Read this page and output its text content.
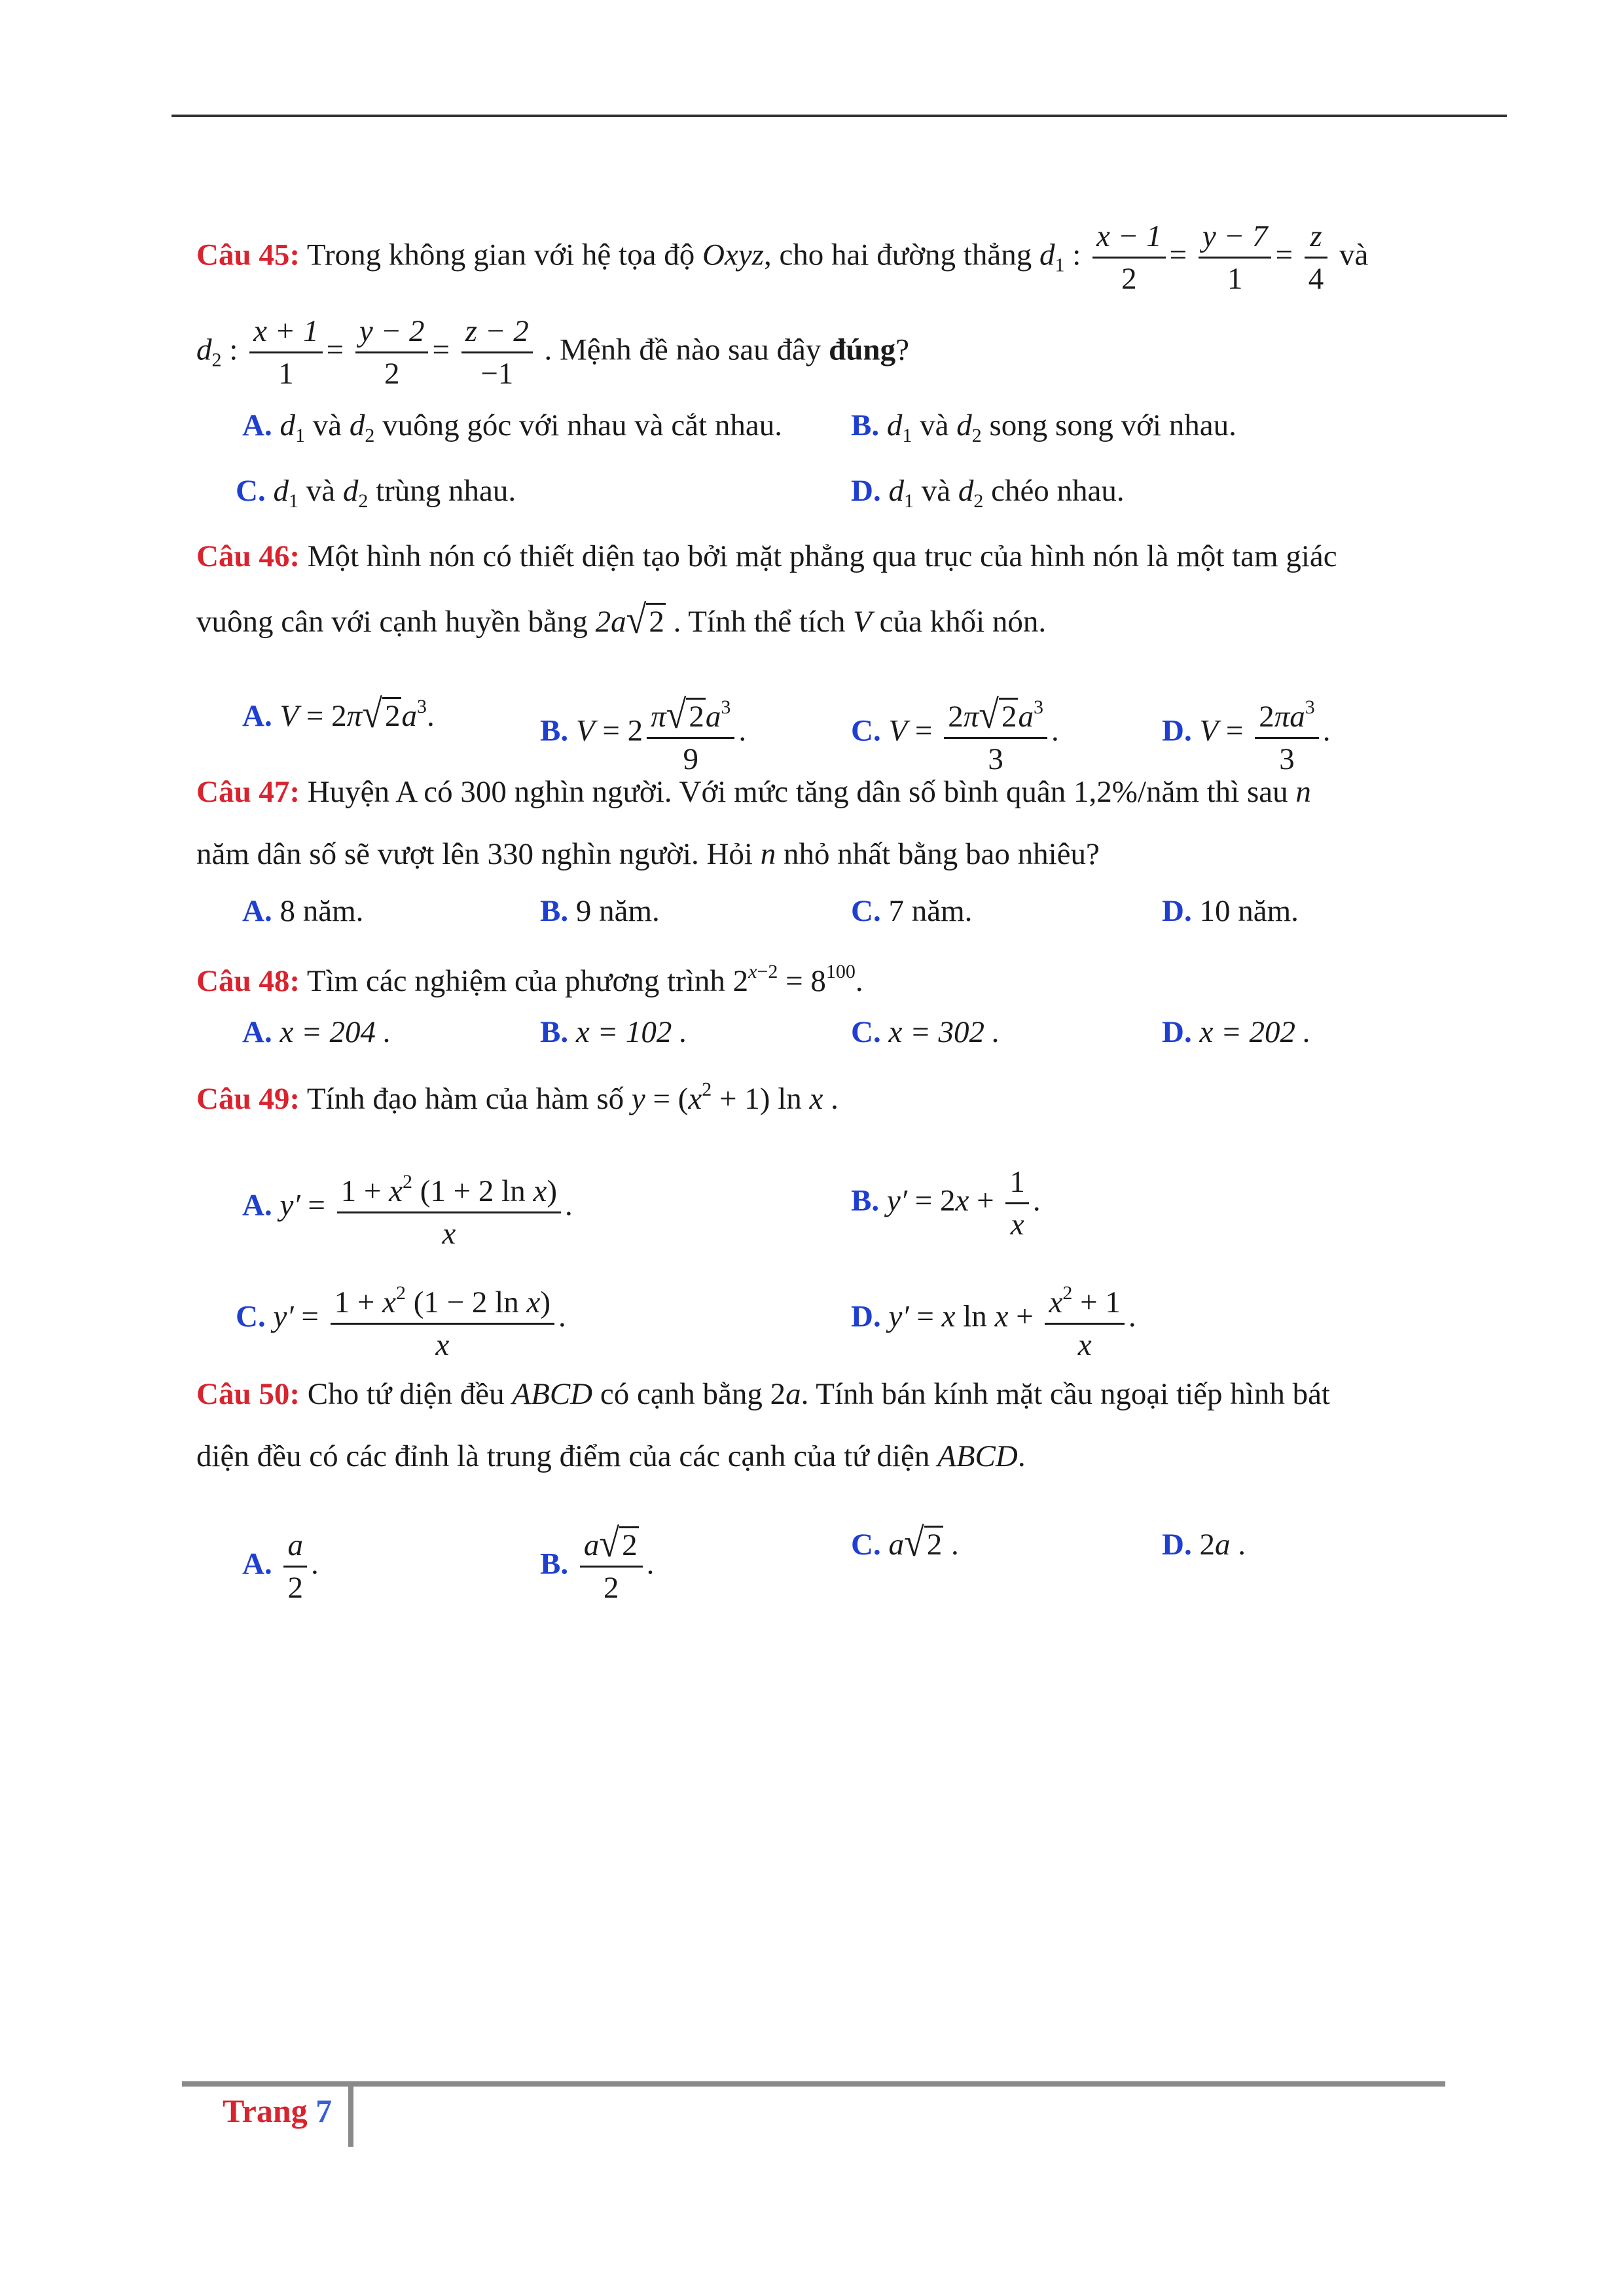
Câu 45: Trong không gian với hệ tọa độ Oxyz, cho hai đường thẳng $d_1$ : $\frac{x - 1}{2} = \frac{y - 7}{1} = \frac{z}{4}$ và
$d_2$ : $\frac{x + 1}{1} = \frac{y - 2}{2} = \frac{z - 2}{-1}$ . Mệnh đề nào sau đây đúng?
A. $d_1$ và $d_2$ vuông góc với nhau và cắt nhau. B. $d_1$ và $d_2$ song song với nhau.
C. $d_1$ và $d_2$ trùng nhau.	D. $d_1$ và $d_2$ chéo nhau.
Câu 46: Một hình nón có thiết diện tạo bởi mặt phẳng qua trục của hình nón là một tam giác
vuông cân với cạnh huyền bằng 2a√2 . Tính thể tích V của khối nón.
A. $V = 2\pi√2a^3$.	B. $V = 2 \frac{\pi√2a^3}{9}$ .	C. $V = \frac{2\pi√2a^3}{3}$ .	D. $V = \frac{2\pi a^3}{3}$ .
Câu 47: Huyện A có 300 nghìn người. Với mức tăng dân số bình quân 1,2%/năm thì sau n
năm dân số sẽ vượt lên 330 nghìn người. Hỏi n nhỏ nhất bằng bao nhiêu?
A. 8 năm.	B. 9 năm.	C. 7 năm.	D. 10 năm.
Câu 48: Tìm các nghiệm của phương trình $2^{x-2} = 8^{100}$.
A. x = 204 .	B. x = 102 .	C. x = 302 .	D. x = 202 .
Câu 49: Tính đạo hàm của hàm số $y = (x^2 + 1)$ ln x .
A. $y' = \frac{1 + x^2 (1 + 2 \ln x)}{x}$ .	B. $y' = 2x + \frac{1}{x}$ .
C. $y' = \frac{1 + x^2 (1 - 2 \ln x)}{x}$ .	D. y′ = x $\ln x + \frac{x^2 + 1}{x}$ .
Câu 50: Cho tứ diện đều ABCD có cạnh bằng 2a. Tính bán kính mặt cầu ngoại tiếp hình bát
diện đều có các đỉnh là trung điểm của các cạnh của tứ diện ABCD.
A. $\frac{a}{2}$ .	B. $\frac{a√2}{2}$ .
C. a√2 .	D. 2a .
Trang 7
